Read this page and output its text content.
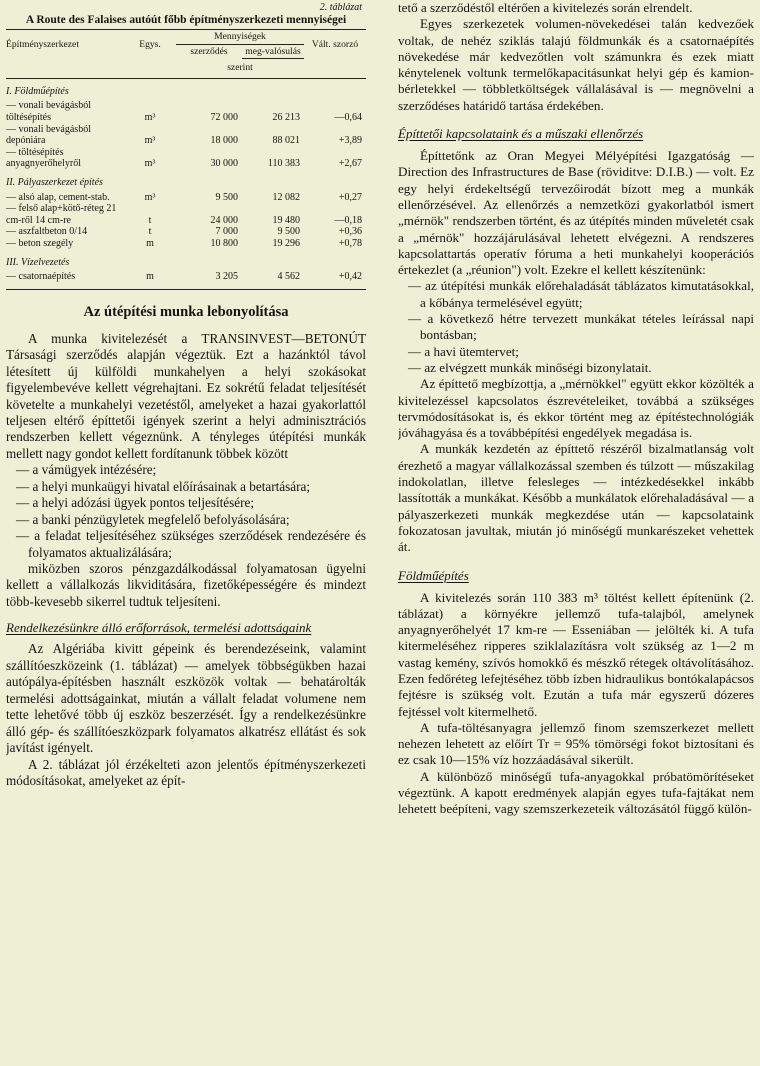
2. táblázat
A Route des Falaises autóút főbb építményszerkezeti mennyiségei
Építményszerkezet	Egys.	Mennyiségek		Vált. szorzó
		szerződés	meg-valósulás	
		szerint		
I. Földműépítés				
— vonali bevágásból töltésépítés	m³	72 000	26 213	—0,64
— vonali bevágásból depóniára	m³	18 000	88 021	+3,89
— töltésépítés anyagnyerőhelyről	m³	30 000	110 383	+2,67
II. Pályaszerkezet építés				
— alsó alap, cement-stab.	m³	9 500	12 082	+0,27
— felső alap+kötő-réteg 21 cm-ről 14 cm-re	t	24 000	19 480	—0,18
— aszfaltbeton 0/14	t	7 000	9 500	+0,36
— beton szegély	m	10 800	19 296	+0,78
III. Vízelvezetés				
— csatornaépítés	m	3 205	4 562	+0,42
Az útépítési munka lebonyolítása

A munka kivitelezését a TRANSINVEST—BETONÚT Társasági szerződés alapján végeztük. Ezt a hazánktól távol létesített új külföldi munkahelyen a helyi szokásokat figyelembevéve kellett végrehajtani. Ez sokrétű feladat teljesítését követelte a munkahelyi vezetéstől, amelyeket a hazai gyakorlattól teljesen eltérő építtetői igények szerint a helyi adminisztrációs rendszerben kellett végeznünk. A tényleges útépítési munkák mellett nagy gondot kellett fordítanunk többek között

— a vámügyek intézésére;
— a helyi munkaügyi hivatal előírásainak a betartására;
— a helyi adózási ügyek pontos teljesítésére;
— a banki pénzügyletek megfelelő befolyásolására;
— a feladat teljesítéséhez szükséges szerződések rendezésére és folyamatos aktualizálására;

miközben szoros pénzgazdálkodással folyamatosan ügyelni kellett a vállalkozás likviditására, fizetőképességére és mindezt több-kevesebb sikerrel tudtuk teljesíteni.

Rendelkezésünkre álló erőforrások, termelési adottságaink

Az Algériába kivitt gépeink és berendezéseink, valamint szállítóeszközeink (1. táblázat) — amelyek többségükben hazai autópálya-építésben használt eszközök voltak — behatárolták termelési adottságainkat, miután a vállalt feladat volumene nem tette lehetővé több új eszköz beszerzését. Így a rendelkezésünkre álló gép- és szállítóeszközpark folyamatos alkatrész ellátást és sok javítást igényelt.

A 2. táblázat jól érzékelteti azon jelentős építményszerkezeti módosításokat, amelyeket az épít-

tető a szerződéstől eltérően a kivitelezés során elrendelt.

Egyes szerkezetek volumen-növekedései talán kedvezőek voltak, de nehéz sziklás talajú földmunkák és a csatornaépítés növekedése már kedvezőtlen volt számunkra és ezek miatt kénytelenek voltunk termelőkapacitásunkat helyi gép és kamion-bérletekkel — többletköltségek vállalásával is — megnövelni a szerződéses határidő tartása érdekében.

Építtetői kapcsolataink és a műszaki ellenőrzés

Építtetőnk az Oran Megyei Mélyépítési Igazgatóság — Direction des Infrastructures de Base (röviditve: D.I.B.) — volt. Ez egy helyi érdekeltségű tervezőirodát bízott meg a munkák ellenőrzésével. Az ellenőrzés a nemzetközi gyakorlatból ismert „mérnök" rendszerben történt, és az útépítés minden műveletét csak a „mérnök" hozzájárulásával lehetett elvégezni. A rendszeres kapcsolattartás operatív fóruma a heti munkahelyi kooperációs értekezlet (a „réunion") volt. Ezekre el kellett készítenünk:

— az útépítési munkák előrehaladását táblázatos kimutatásokkal, a kőbánya termelésével együtt;
— a következő hétre tervezett munkákat tételes leírással napi bontásban;
— a havi ütemtervet;
— az elvégzett munkák minőségi bizonylatait.

Az építtető megbízottja, a „mérnökkel" együtt ekkor közölték a kivitelezéssel kapcsolatos észrevételeiket, továbbá a szükséges tervmódosításokat is, és ekkor történt meg az építéstechnológiák jóváhagyása és a továbbépítési engedélyek megadása is.

A munkák kezdetén az építtető részéről bizalmatlanság volt érezhető a magyar vállalkozással szemben és túlzott — műszakilag indokolatlan, illetve felesleges — intézkedésekkel inkább lassították a munkákat. Később a munkálatok előrehaladásával — a pályaszerkezeti munkák megkezdése után — kapcsolataink fokozatosan javultak, miután jó minőségű munkarészeket vehettek át.

Földműépítés

A kivitelezés során 110 383 m³ töltést kellett építenünk (2. táblázat) a környékre jellemző tufa-talajból, amelynek anyagnyerőhelyét 17 km-re — Esseniában — jelölték ki. A tufa kitermeléséhez ripperes sziklalazításra volt szükség az 1—2 m vastag kemény, szívós homokkő és mészkő rétegek oltávolításához. Ezen fedőréteg lefejtéséhez több ízben hidraulikus bontókalapácsos fejtésre is szükség volt. Ezután a tufa már egyszerű dózeres fejtéssel volt kitermelhető.

A tufa-töltésanyagra jellemző finom szemszerkezet mellett nehezen lehetett az előírt Tr = 95% tömörségi fokot biztosítani és ez csak 10—15% víz hozzáadásával sikerült.

A különböző minőségű tufa-anyagokkal próbatömörítéseket végeztünk. A kapott eredmények alapján egyes tufa-fajtákat nem lehetett beépíteni, vagy szemszerkezeteik változásától függő külön-
